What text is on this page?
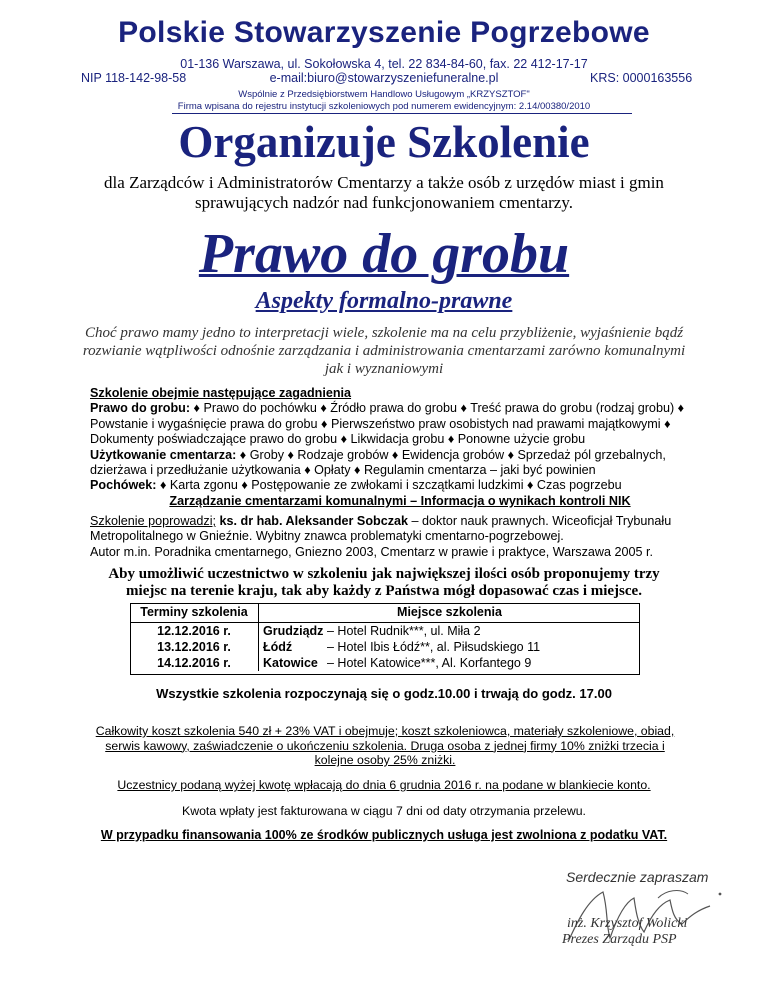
Polskie Stowarzyszenie Pogrzebowe
01-136 Warszawa, ul. Sokołowska 4, tel. 22 834-84-60, fax. 22 412-17-17
NIP 118-142-98-58	e-mail:biuro@stowarzyszeniefuneralne.pl	KRS: 0000163556
Wspólnie z Przedsiębiorstwem Handlowo Usługowym „KRZYSZTOF"
Firma wpisana do rejestru instytucji szkoleniowych pod numerem ewidencyjnym: 2.14/00380/2010
Organizuje Szkolenie
dla Zarządców i Administratorów Cmentarzy a także osób z urzędów miast i gmin
sprawujących nadzór nad funkcjonowaniem cmentarzy.
Prawo do grobu
Aspekty formalno-prawne
Choć prawo mamy jedno to interpretacji wiele, szkolenie ma na celu przybliżenie, wyjaśnienie bądź rozwianie wątpliwości odnośnie zarządzania i administrowania cmentarzami zarówno komunalnymi jak i wyznaniowymi
Szkolenie obejmie następujące zagadnienia
Prawo do grobu: ♦ Prawo do pochówku ♦ Źródło prawa do grobu ♦ Treść prawa do grobu (rodzaj grobu) ♦ Powstanie i wygaśnięcie prawa do grobu ♦ Pierwszeństwo praw osobistych nad prawami majątkowymi ♦ Dokumenty poświadczające prawo do grobu ♦ Likwidacja grobu ♦ Ponowne użycie grobu
Użytkowanie cmentarza: ♦ Groby ♦ Rodzaje grobów ♦ Ewidencja grobów ♦ Sprzedaż pól grzebalnych, dzierżawa i przedłużanie użytkowania ♦ Opłaty ♦ Regulamin cmentarza – jaki być powinien
Pochówek: ♦ Karta zgonu ♦ Postępowanie ze zwłokami i szczątkami ludzkimi ♦ Czas pogrzebu
Zarządzanie cmentarzami komunalnymi – Informacja o wynikach kontroli NIK
Szkolenie poprowadzi; ks. dr hab. Aleksander Sobczak – doktor nauk prawnych. Wiceoficjał Trybunału Metropolitalnego w Gnieźnie. Wybitny znawca problematyki cmentarno-pogrzebowej.
Autor m.in. Poradnika cmentarnego, Gniezno 2003, Cmentarz w prawie i praktyce, Warszawa 2005 r.
Aby umożliwić uczestnictwo w szkoleniu jak największej ilości osób proponujemy trzy
miejsc na terenie kraju, tak aby każdy z Państwa mógł dopasować czas i miejsce.
Terminy szkolenia	Miejsce szkolenia
12.12.2016 r.	Grudziądz – Hotel Rudnik***, ul. Miła 2
13.12.2016 r.	Łódź – Hotel Ibis Łódź**, al. Piłsudskiego 11
14.12.2016 r.	Katowice – Hotel Katowice***, Al. Korfantego 9
Wszystkie szkolenia rozpoczynają się o godz.10.00 i trwają do godz. 17.00
Całkowity koszt szkolenia 540 zł + 23% VAT i obejmuje; koszt szkoleniowca, materiały szkoleniowe, obiad, serwis kawowy, zaświadczenie o ukończeniu szkolenia. Druga osoba z jednej firmy 10% zniżki trzecia i kolejne osoby 25% zniżki.
Uczestnicy podaną wyżej kwotę wpłacają do dnia 6 grudnia 2016 r. na podane w blankiecie konto.
Kwota wpłaty jest fakturowana w ciągu 7 dni od daty otrzymania przelewu.
W przypadku finansowania 100% ze środków publicznych usługa jest zwolniona z podatku VAT.
Serdecznie zapraszam
inż. Krzysztof Wolicki
Prezes Zarządu PSP
